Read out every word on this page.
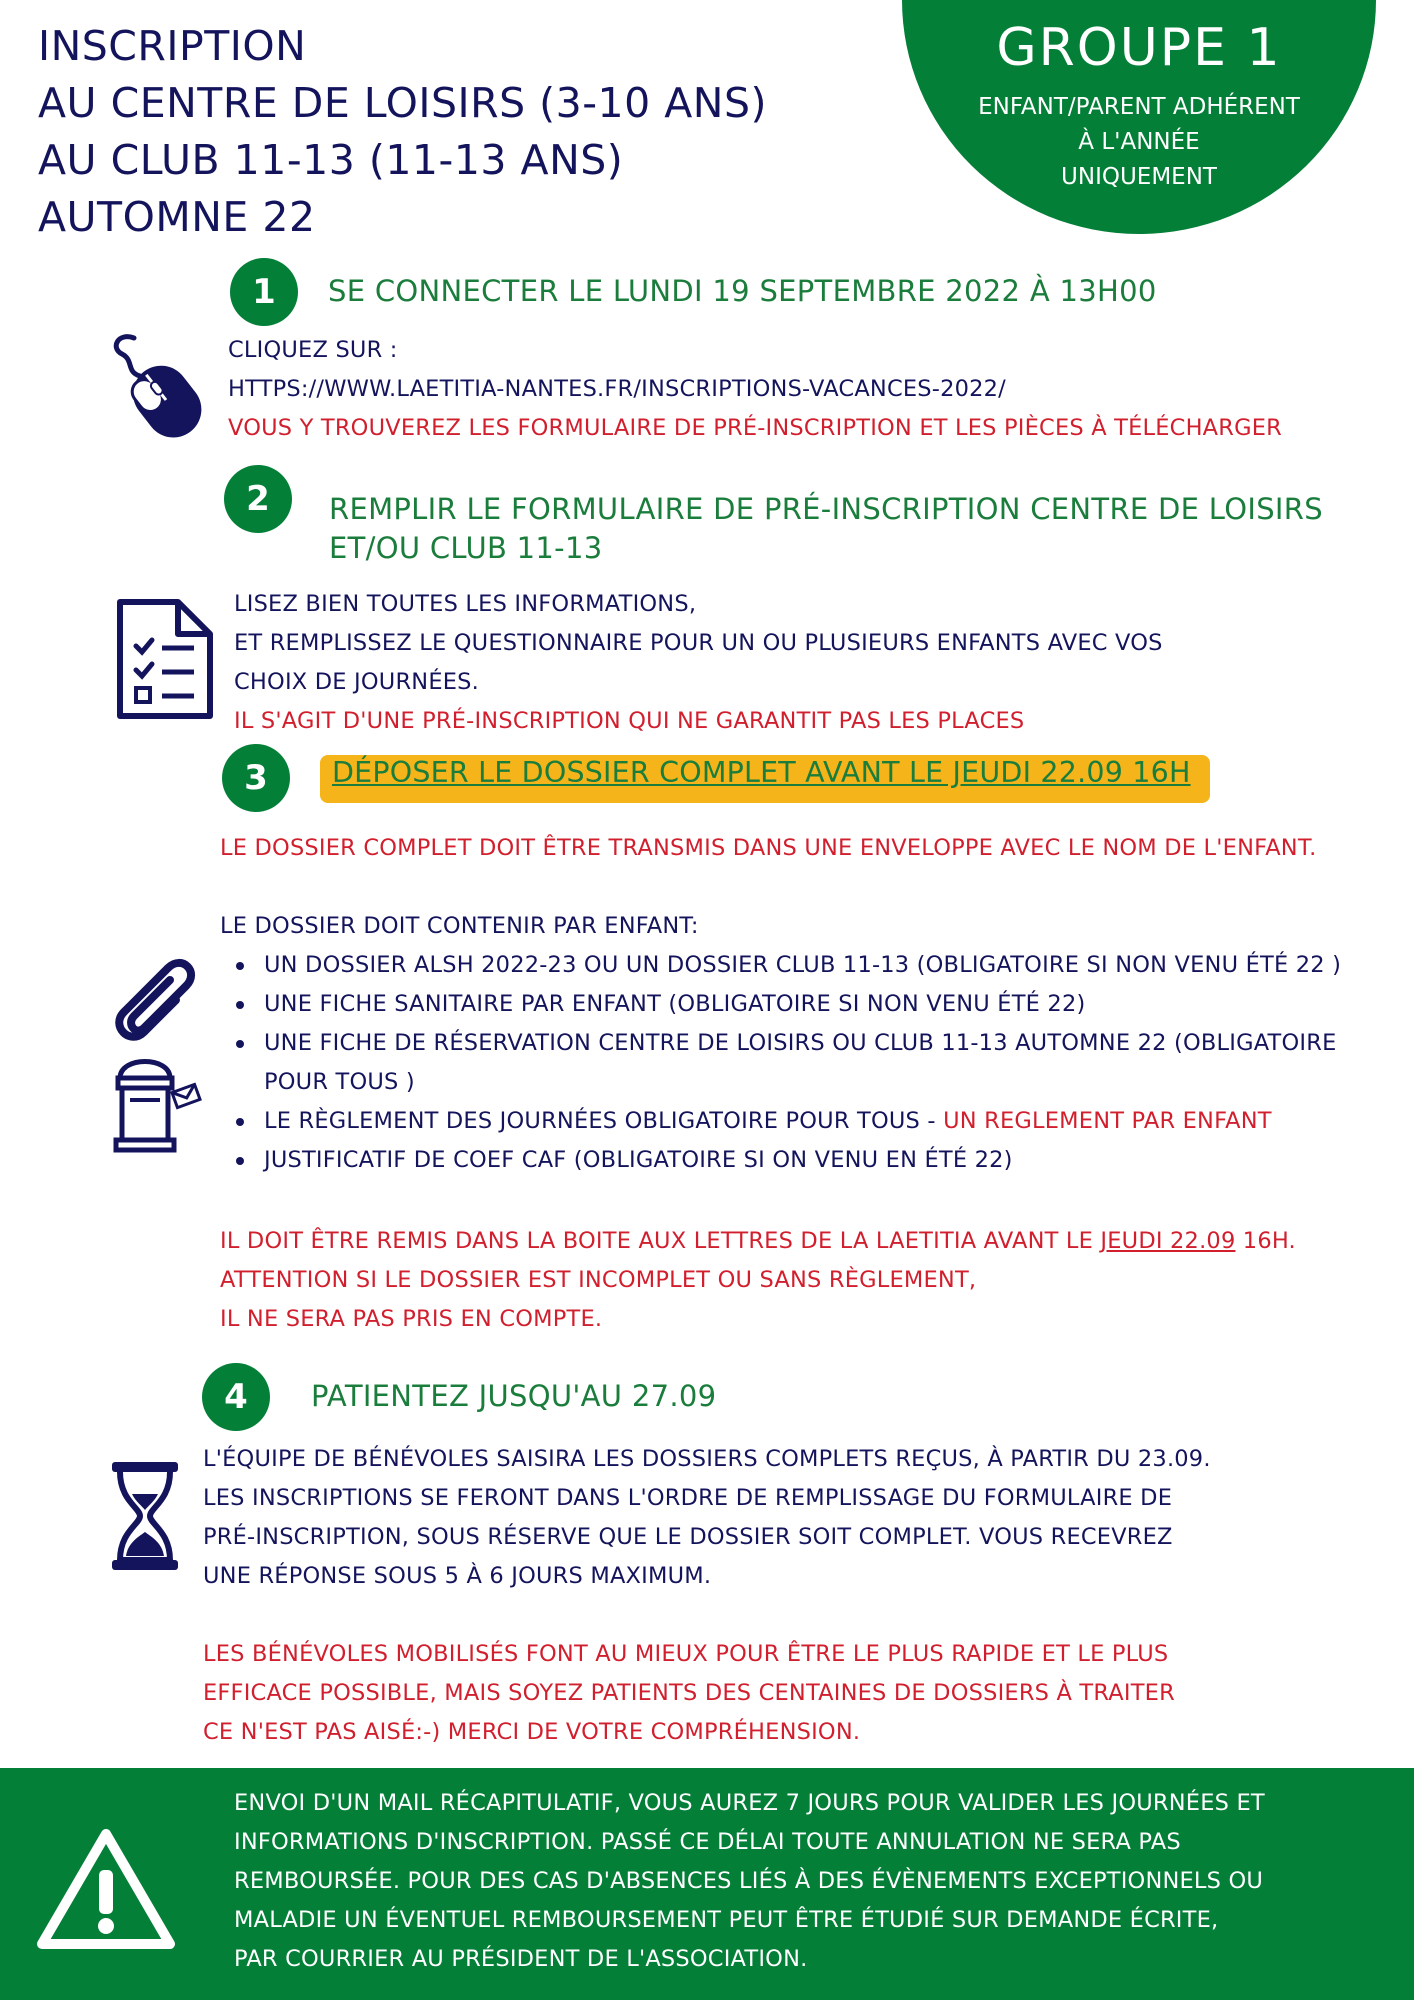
INSCRIPTION
AU CENTRE DE LOISIRS (3-10 ANS)
AU CLUB 11-13 (11-13 ANS)
AUTOMNE 22
GROUPE 1
ENFANT/PARENT ADHÉRENT
À L'ANNÉE
UNIQUEMENT
1	SE CONNECTER LE LUNDI 19 SEPTEMBRE 2022 À 13H00
CLIQUEZ SUR :
HTTPS://WWW.LAETITIA-NANTES.FR/INSCRIPTIONS-VACANCES-2022/
VOUS Y TROUVEREZ LES FORMULAIRE DE PRÉ-INSCRIPTION ET LES PIÈCES À TÉLÉCHARGER
2	REMPLIR LE FORMULAIRE DE PRÉ-INSCRIPTION CENTRE DE LOISIRS
ET/OU CLUB 11-13
LISEZ BIEN TOUTES LES INFORMATIONS,
ET REMPLISSEZ LE QUESTIONNAIRE POUR UN OU PLUSIEURS ENFANTS AVEC VOS
CHOIX DE JOURNÉES.
IL S'AGIT D'UNE PRÉ-INSCRIPTION QUI NE GARANTIT PAS LES PLACES
3	DÉPOSER LE DOSSIER COMPLET AVANT LE JEUDI 22.09 16H
LE DOSSIER COMPLET DOIT ÊTRE TRANSMIS DANS UNE ENVELOPPE AVEC LE NOM DE L'ENFANT.
LE DOSSIER DOIT CONTENIR PAR ENFANT:
UN DOSSIER ALSH 2022-23 OU UN DOSSIER CLUB 11-13 (OBLIGATOIRE SI NON VENU ÉTÉ 22 )
UNE FICHE SANITAIRE PAR ENFANT (OBLIGATOIRE SI NON VENU ÉTÉ 22)
UNE FICHE DE RÉSERVATION CENTRE DE LOISIRS OU CLUB 11-13 AUTOMNE 22 (OBLIGATOIRE
POUR TOUS )
LE RÈGLEMENT DES JOURNÉES OBLIGATOIRE POUR TOUS - UN REGLEMENT PAR ENFANT
JUSTIFICATIF DE COEF CAF (OBLIGATOIRE SI ON VENU EN ÉTÉ 22)
IL DOIT ÊTRE REMIS DANS LA BOITE AUX LETTRES DE LA LAETITIA AVANT LE JEUDI 22.09 16H.
ATTENTION SI LE DOSSIER EST INCOMPLET OU SANS RÈGLEMENT,
IL NE SERA PAS PRIS EN COMPTE.
4	PATIENTEZ JUSQU'AU 27.09
L'ÉQUIPE DE BÉNÉVOLES SAISIRA LES DOSSIERS COMPLETS REÇUS, À PARTIR DU 23.09.
LES INSCRIPTIONS SE FERONT DANS L'ORDRE DE REMPLISSAGE DU FORMULAIRE DE
PRÉ-INSCRIPTION, SOUS RÉSERVE QUE LE DOSSIER SOIT COMPLET. VOUS RECEVREZ
UNE RÉPONSE SOUS 5 À 6 JOURS MAXIMUM.
LES BÉNÉVOLES MOBILISÉS FONT AU MIEUX POUR ÊTRE LE PLUS RAPIDE ET LE PLUS
EFFICACE POSSIBLE, MAIS SOYEZ PATIENTS DES CENTAINES DE DOSSIERS À TRAITER
CE N'EST PAS AISÉ:-) MERCI DE VOTRE COMPRÉHENSION.
ENVOI D'UN MAIL RÉCAPITULATIF, VOUS AUREZ 7 JOURS POUR VALIDER LES JOURNÉES ET
INFORMATIONS D'INSCRIPTION. PASSÉ CE DÉLAI TOUTE ANNULATION NE SERA PAS
REMBOURSÉE. POUR DES CAS D'ABSENCES LIÉS À DES ÉVÈNEMENTS EXCEPTIONNELS OU
MALADIE UN ÉVENTUEL REMBOURSEMENT PEUT ÊTRE ÉTUDIÉ SUR DEMANDE ÉCRITE,
PAR COURRIER AU PRÉSIDENT DE L'ASSOCIATION.
